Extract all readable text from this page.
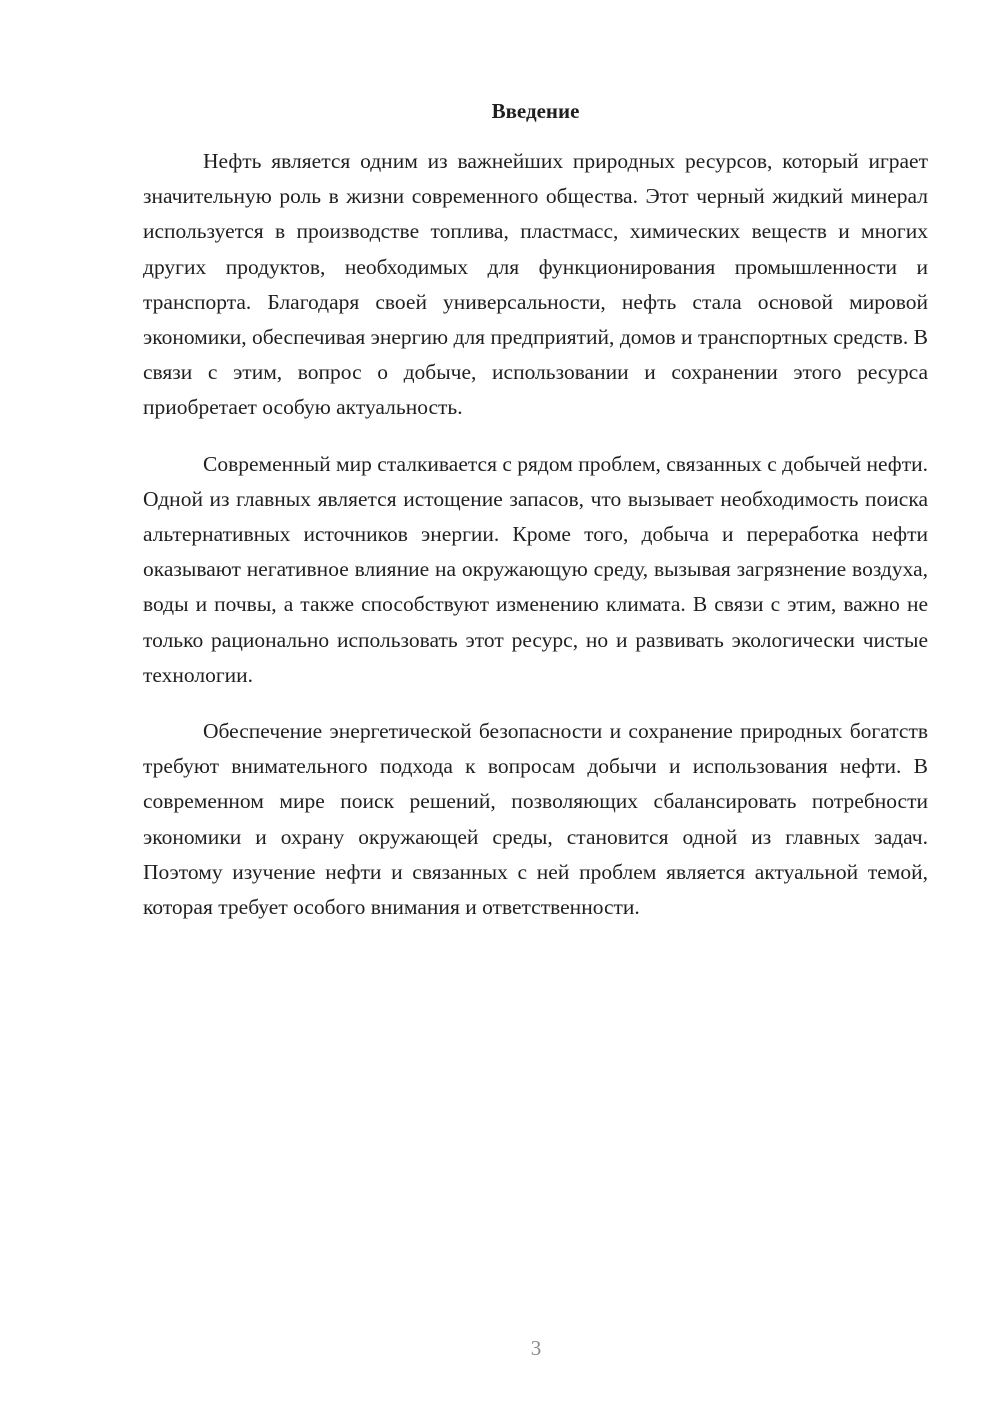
Введение

Нефть является одним из важнейших природных ресурсов, который играет значительную роль в жизни современного общества. Этот черный жидкий минерал используется в производстве топлива, пластмасс, химических веществ и многих других продуктов, необходимых для функционирования промышленности и транспорта. Благодаря своей универсальности, нефть стала основой мировой экономики, обеспечивая энергию для предприятий, домов и транспортных средств. В связи с этим, вопрос о добыче, использовании и сохранении этого ресурса приобретает особую актуальность.

Современный мир сталкивается с рядом проблем, связанных с добычей нефти. Одной из главных является истощение запасов, что вызывает необходимость поиска альтернативных источников энергии. Кроме того, добыча и переработка нефти оказывают негативное влияние на окружающую среду, вызывая загрязнение воздуха, воды и почвы, а также способствуют изменению климата. В связи с этим, важно не только рационально использовать этот ресурс, но и развивать экологически чистые технологии.

Обеспечение энергетической безопасности и сохранение природных богатств требуют внимательного подхода к вопросам добычи и использования нефти. В современном мире поиск решений, позволяющих сбалансировать потребности экономики и охрану окружающей среды, становится одной из главных задач. Поэтому изучение нефти и связанных с ней проблем является актуальной темой, которая требует особого внимания и ответственности.

3
